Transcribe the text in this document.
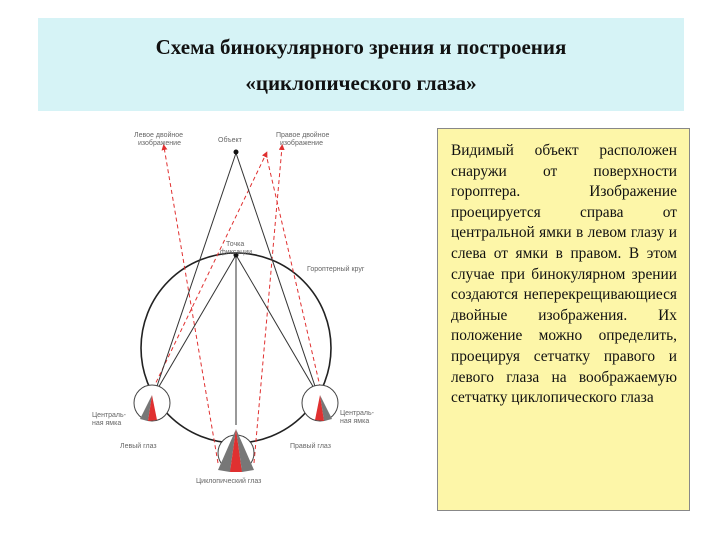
Схема бинокулярного зрения и построения
«циклопического глаза»
Левое двойное
изображение	Объект
Правое двойное
изображение
Точка
фиксации
Гороптерный круг
Централь-
ная ямка
Централь-
ная ямка
Левый глаз	Правый глаз
Циклопический глаз
Видимый объект расположен снаружи от поверхности гороптера. Изображение проецируется справа от центральной ямки в левом глазу и слева от ямки в правом. В этом случае при бинокулярном зрении создаются неперекрещивающиеся двойные изображения. Их положение можно определить, проецируя сетчатку правого и левого глаза на воображаемую сетчатку циклопического глаза
